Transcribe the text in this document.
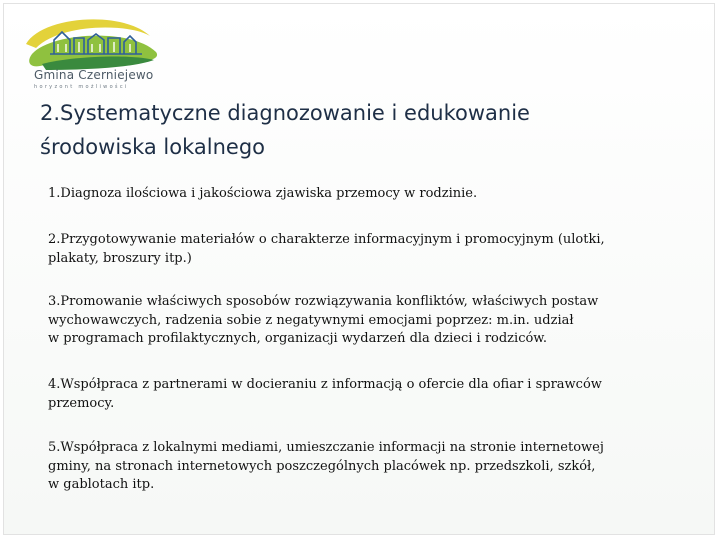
Gmina Czerniejewo
horyzont możliwości
2.Systematyczne diagnozowanie i edukowanie
środowiska lokalnego
1.Diagnoza ilościowa i jakościowa zjawiska przemocy w rodzinie.
2.Przygotowywanie materiałów o charakterze informacyjnym i promocyjnym (ulotki,
plakaty, broszury itp.)
3.Promowanie właściwych sposobów rozwiązywania konfliktów, właściwych postaw
wychowawczych, radzenia sobie z negatywnymi emocjami poprzez: m.in. udział
w programach profilaktycznych, organizacji wydarzeń dla dzieci i rodziców.
4.Współpraca z partnerami w docieraniu z informacją o ofercie dla ofiar i sprawców
przemocy.
5.Współpraca z lokalnymi mediami, umieszczanie informacji na stronie internetowej
gminy, na stronach internetowych poszczególnych placówek np. przedszkoli, szkół,
w gablotach itp.
